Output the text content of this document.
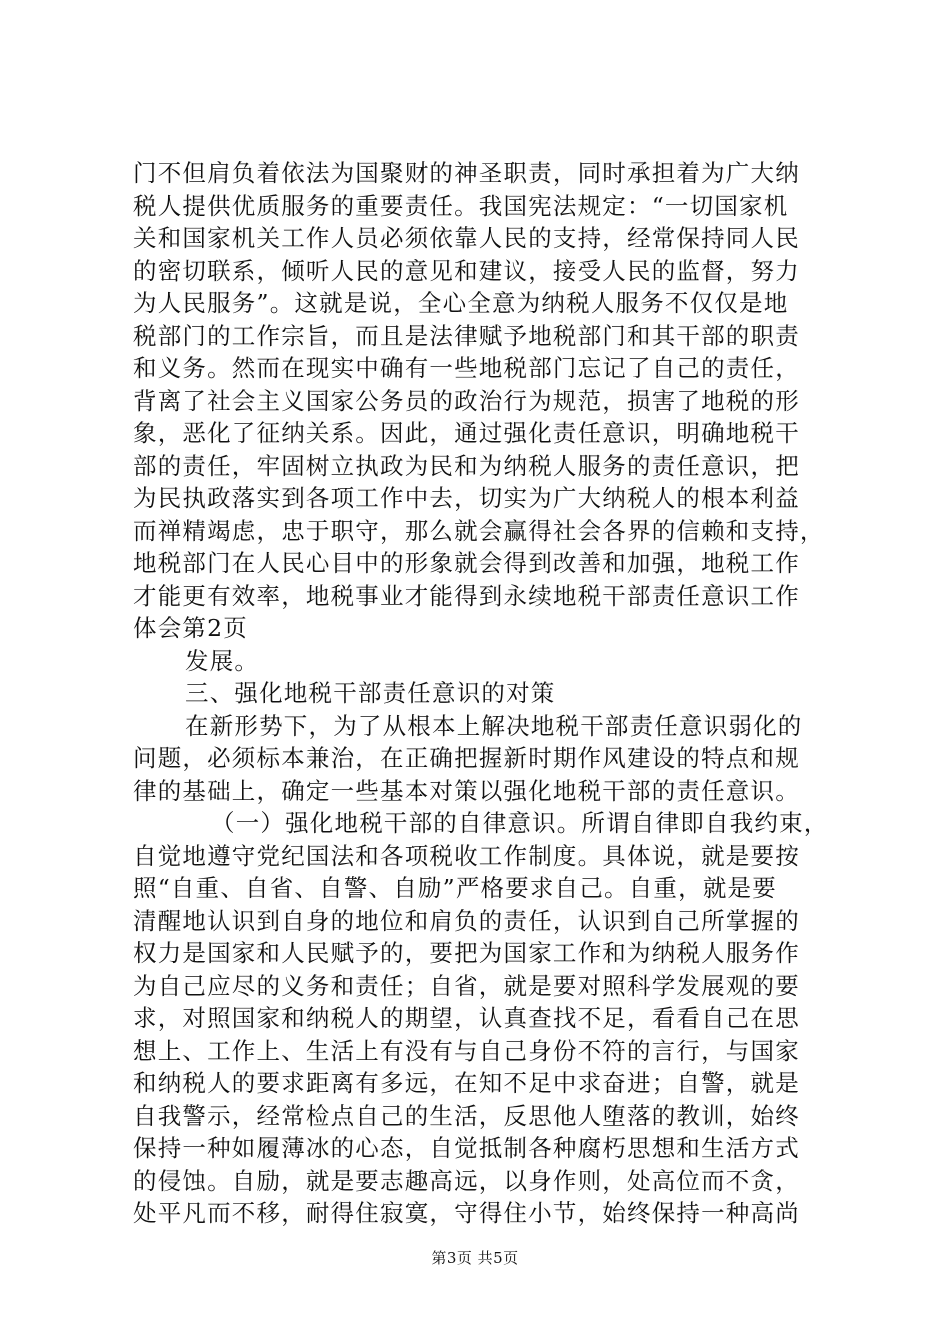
门不但肩负着依法为国聚财的神圣职责，同时承担着为广大纳
税人提供优质服务的重要责任。我国宪法规定：“一切国家机
关和国家机关工作人员必须依靠人民的支持，经常保持同人民
的密切联系，倾听人民的意见和建议，接受人民的监督，努力
为人民服务”。这就是说，全心全意为纳税人服务不仅仅是地
税部门的工作宗旨，而且是法律赋予地税部门和其干部的职责
和义务。然而在现实中确有一些地税部门忘记了自己的责任，
背离了社会主义国家公务员的政治行为规范，损害了地税的形
象，恶化了征纳关系。因此，通过强化责任意识，明确地税干
部的责任，牢固树立执政为民和为纳税人服务的责任意识，把
为民执政落实到各项工作中去，切实为广大纳税人的根本利益
而禅精竭虑，忠于职守，那么就会赢得社会各界的信赖和支持，
地税部门在人民心目中的形象就会得到改善和加强，地税工作
才能更有效率，地税事业才能得到永续地税干部责任意识工作
体会第2页
发展。
三、强化地税干部责任意识的对策
在新形势下，为了从根本上解决地税干部责任意识弱化的
问题，必须标本兼治，在正确把握新时期作风建设的特点和规
律的基础上，确定一些基本对策以强化地税干部的责任意识。
（一）强化地税干部的自律意识。所谓自律即自我约束，
自觉地遵守党纪国法和各项税收工作制度。具体说，就是要按
照“自重、自省、自警、自励”严格要求自己。自重，就是要
清醒地认识到自身的地位和肩负的责任，认识到自己所掌握的
权力是国家和人民赋予的，要把为国家工作和为纳税人服务作
为自己应尽的义务和责任；自省，就是要对照科学发展观的要
求，对照国家和纳税人的期望，认真查找不足，看看自己在思
想上、工作上、生活上有没有与自己身份不符的言行，与国家
和纳税人的要求距离有多远，在知不足中求奋进；自警，就是
自我警示，经常检点自己的生活，反思他人堕落的教训，始终
保持一种如履薄冰的心态，自觉抵制各种腐朽思想和生活方式
的侵蚀。自励，就是要志趣高远，以身作则，处高位而不贪，
处平凡而不移，耐得住寂寞，守得住小节，始终保持一种高尚
第3页 共5页
